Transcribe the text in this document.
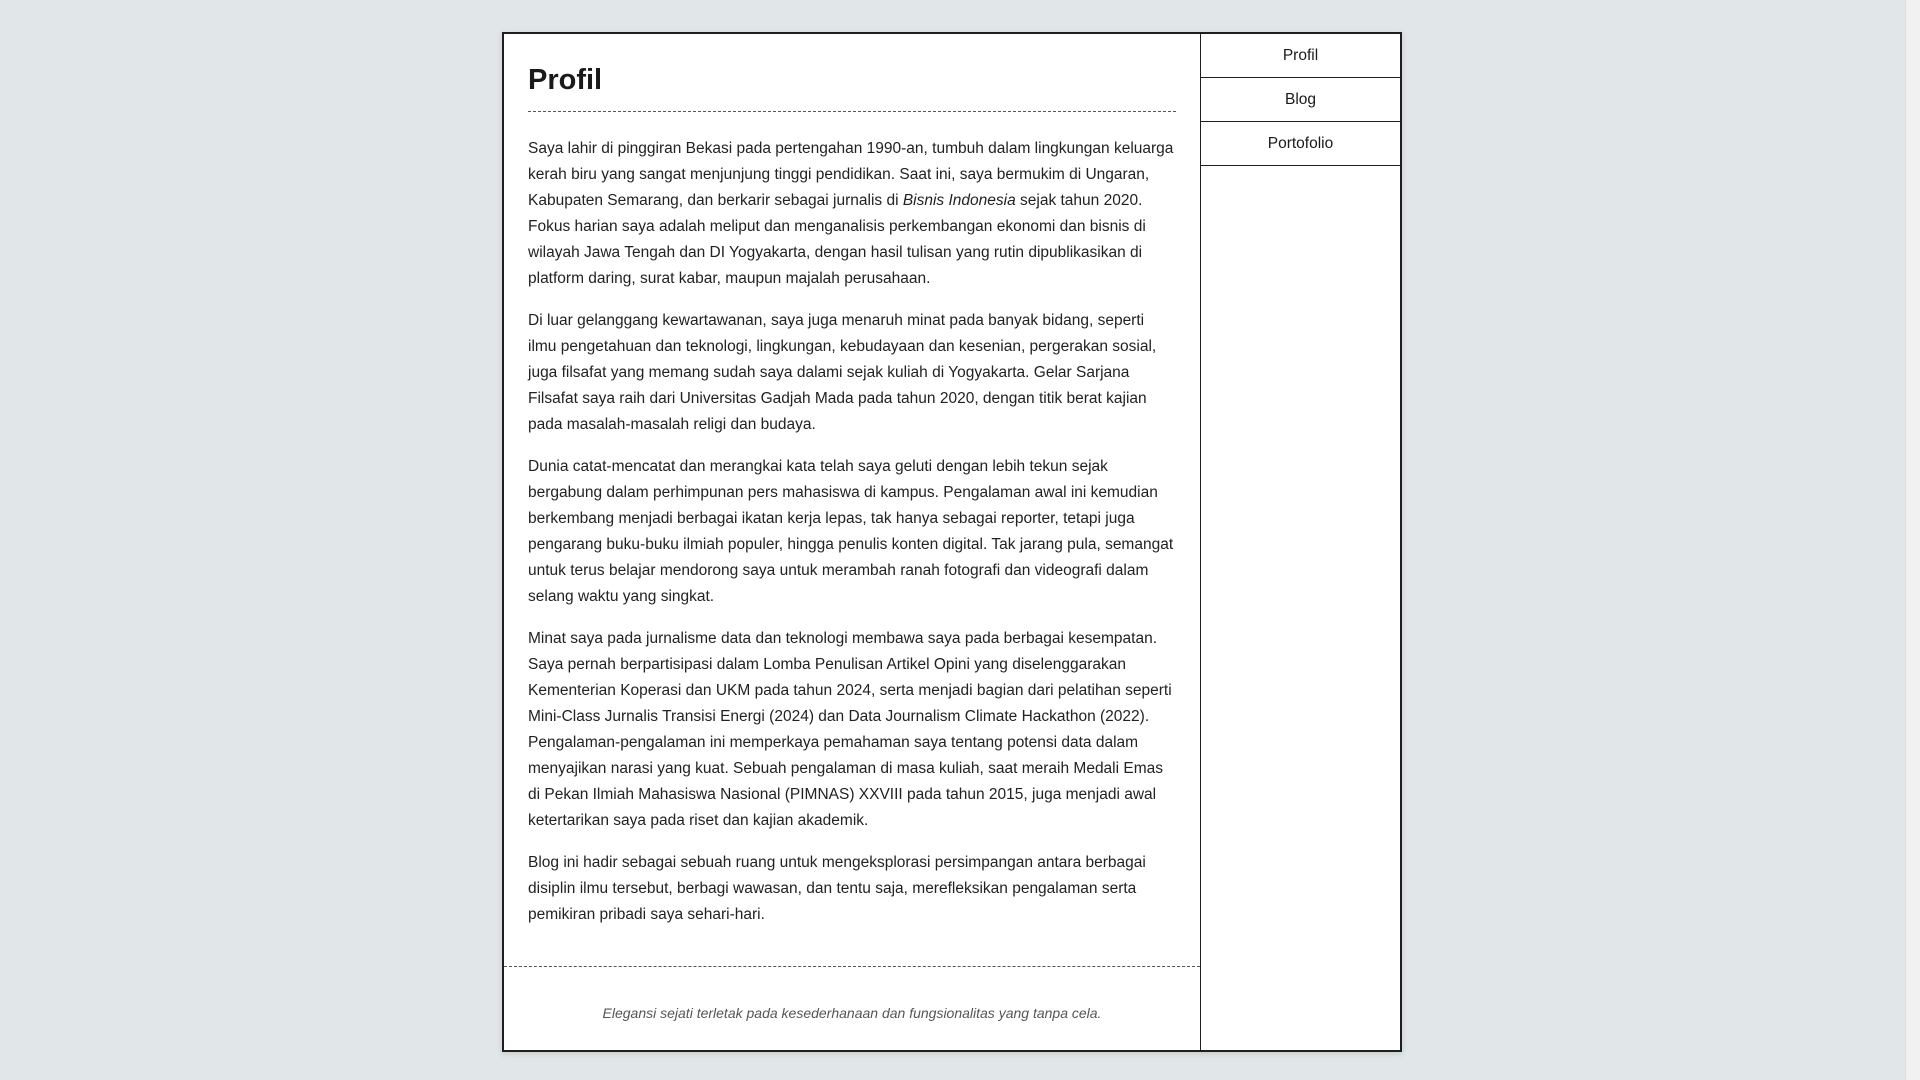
Profil

Saya lahir di pinggiran Bekasi pada pertengahan 1990-an, tumbuh dalam lingkungan keluarga kerah biru yang sangat menjunjung tinggi pendidikan. Saat ini, saya bermukim di Ungaran, Kabupaten Semarang, dan berkarir sebagai jurnalis di Bisnis Indonesia sejak tahun 2020. Fokus harian saya adalah meliput dan menganalisis perkembangan ekonomi dan bisnis di wilayah Jawa Tengah dan DI Yogyakarta, dengan hasil tulisan yang rutin dipublikasikan di platform daring, surat kabar, maupun majalah perusahaan.

Di luar gelanggang kewartawanan, saya juga menaruh minat pada banyak bidang, seperti ilmu pengetahuan dan teknologi, lingkungan, kebudayaan dan kesenian, pergerakan sosial, juga filsafat yang memang sudah saya dalami sejak kuliah di Yogyakarta. Gelar Sarjana Filsafat saya raih dari Universitas Gadjah Mada pada tahun 2020, dengan titik berat kajian pada masalah-masalah religi dan budaya.

Dunia catat-mencatat dan merangkai kata telah saya geluti dengan lebih tekun sejak bergabung dalam perhimpunan pers mahasiswa di kampus. Pengalaman awal ini kemudian berkembang menjadi berbagai ikatan kerja lepas, tak hanya sebagai reporter, tetapi juga pengarang buku-buku ilmiah populer, hingga penulis konten digital. Tak jarang pula, semangat untuk terus belajar mendorong saya untuk merambah ranah fotografi dan videografi dalam selang waktu yang singkat.

Minat saya pada jurnalisme data dan teknologi membawa saya pada berbagai kesempatan. Saya pernah berpartisipasi dalam Lomba Penulisan Artikel Opini yang diselenggarakan Kementerian Koperasi dan UKM pada tahun 2024, serta menjadi bagian dari pelatihan seperti Mini-Class Jurnalis Transisi Energi (2024) dan Data Journalism Climate Hackathon (2022). Pengalaman-pengalaman ini memperkaya pemahaman saya tentang potensi data dalam menyajikan narasi yang kuat. Sebuah pengalaman di masa kuliah, saat meraih Medali Emas di Pekan Ilmiah Mahasiswa Nasional (PIMNAS) XXVIII pada tahun 2015, juga menjadi awal ketertarikan saya pada riset dan kajian akademik.

Blog ini hadir sebagai sebuah ruang untuk mengeksplorasi persimpangan antara berbagai disiplin ilmu tersebut, berbagi wawasan, dan tentu saja, merefleksikan pengalaman serta pemikiran pribadi saya sehari-hari.

Elegansi sejati terletak pada kesederhanaan dan fungsionalitas yang tanpa cela.
Profil
Blog
Portofolio
